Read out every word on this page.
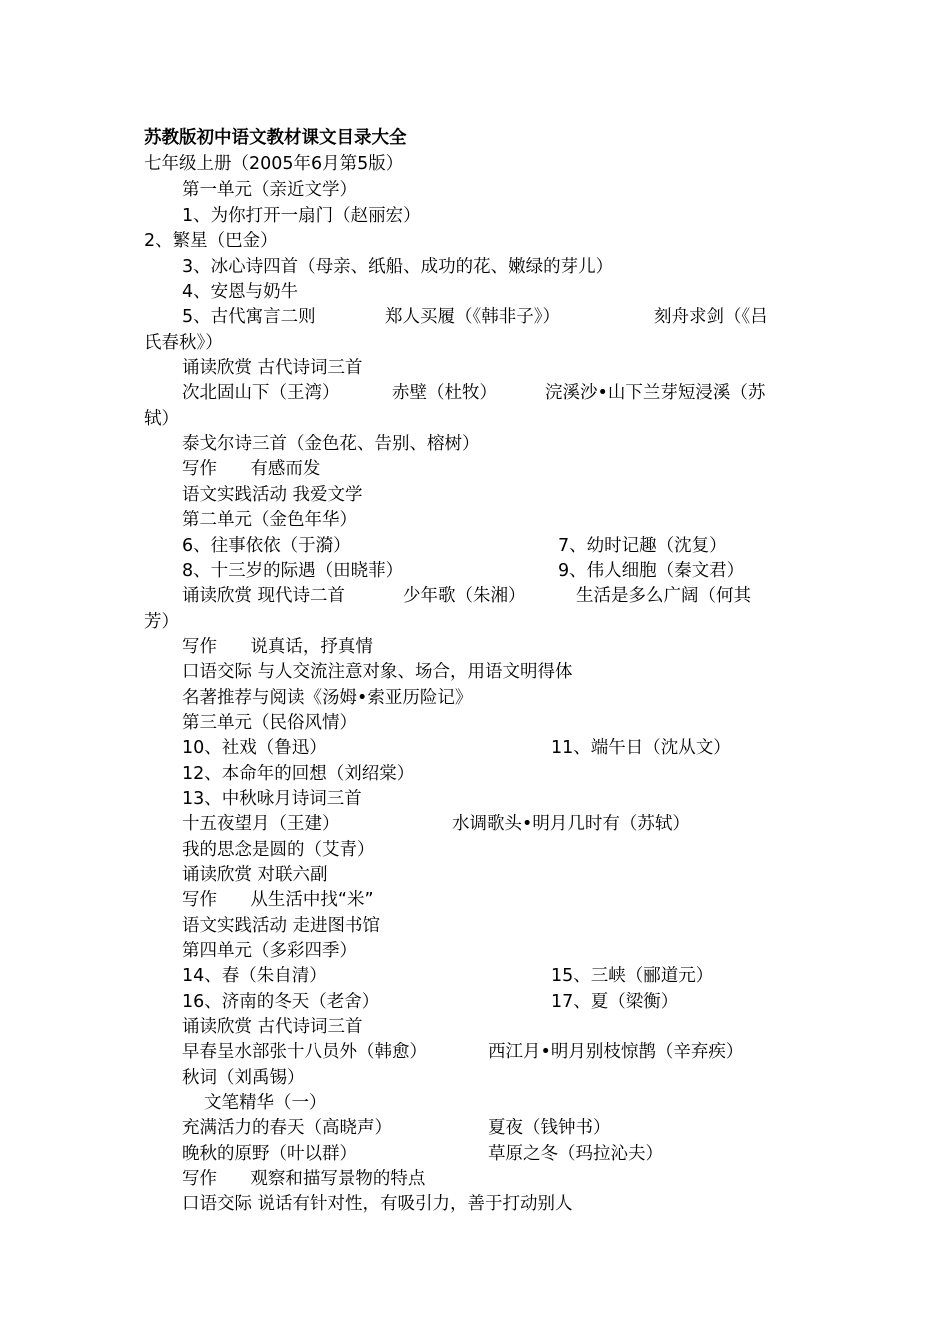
苏教版初中语文教材课文目录大全

七年级上册（2005年6月第5版）

第一单元（亲近文学）

1、为你打开一扇门（赵丽宏）

2、繁星（巴金）

3、冰心诗四首（母亲、纸船、成功的花、嫩绿的芽儿）

4、安恩与奶牛

5、古代寓言二则	郑人买履（《韩非子》）	刻舟求剑（《吕

氏春秋》）

诵读欣赏 古代诗词三首

次北固山下（王湾）	赤壁（杜牧）	浣溪沙•山下兰芽短浸溪（苏

轼）

泰戈尔诗三首（金色花、告别、榕树）

写作      有感而发

语文实践活动 我爱文学

第二单元（金色年华）

6、往事依依（于漪）	7、幼时记趣（沈复）

8、十三岁的际遇（田晓菲）	9、伟人细胞（秦文君）

诵读欣赏 现代诗二首	少年歌（朱湘）	生活是多么广阔（何其

芳）

写作      说真话，抒真情

口语交际 与人交流注意对象、场合，用语文明得体

名著推荐与阅读《汤姆•索亚历险记》

第三单元（民俗风情）

10、社戏（鲁迅）	11、端午日（沈从文）

12、本命年的回想（刘绍棠）

13、中秋咏月诗词三首

十五夜望月（王建）	水调歌头•明月几时有（苏轼）

我的思念是圆的（艾青）

诵读欣赏 对联六副

写作      从生活中找“米”

语文实践活动 走进图书馆

第四单元（多彩四季）

14、春（朱自清）	15、三峡（郦道元）

16、济南的冬天（老舍）	17、夏（梁衡）

诵读欣赏 古代诗词三首

早春呈水部张十八员外（韩愈）	西江月•明月别枝惊鹊（辛弃疾）

秋词（刘禹锡）

文笔精华（一）

充满活力的春天（高晓声）	夏夜（钱钟书）

晚秋的原野（叶以群）	草原之冬（玛拉沁夫）

写作      观察和描写景物的特点

口语交际 说话有针对性，有吸引力，善于打动别人
